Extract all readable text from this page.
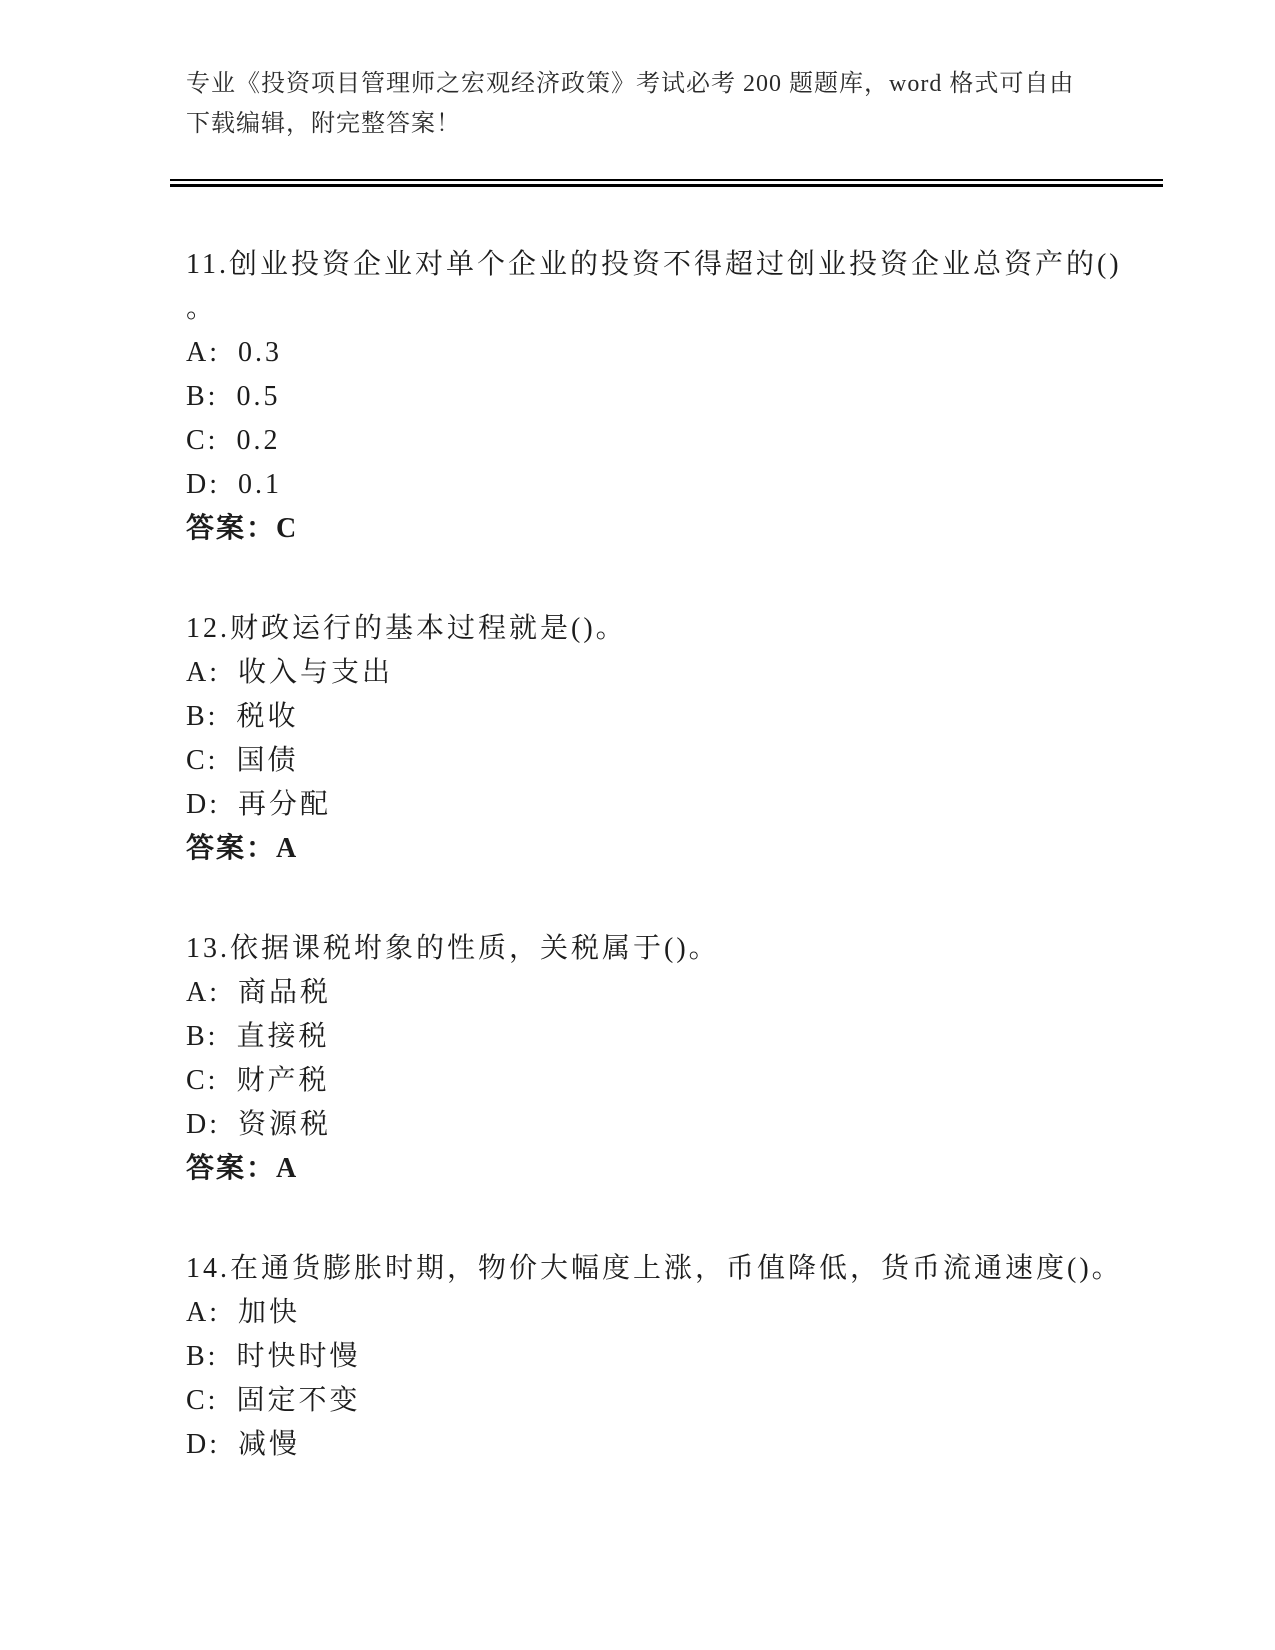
专业《投资项目管理师之宏观经济政策》考试必考 200 题题库，word 格式可自由
下载编辑，附完整答案！
11.创业投资企业对单个企业的投资不得超过创业投资企业总资产的()
。
A: 0.3
B: 0.5
C: 0.2
D: 0.1
答案：C
12.财政运行的基本过程就是()。
A: 收入与支出
B: 税收
C: 国债
D: 再分配
答案：A
13.依据课税坿象的性质，关税属于()。
A: 商品税
B: 直接税
C: 财产税
D: 资源税
答案：A
14.在通货膨胀时期，物价大幅度上涨，币值降低，货币流通速度()。
A: 加快
B: 时快时慢
C: 固定不变
D: 减慢
